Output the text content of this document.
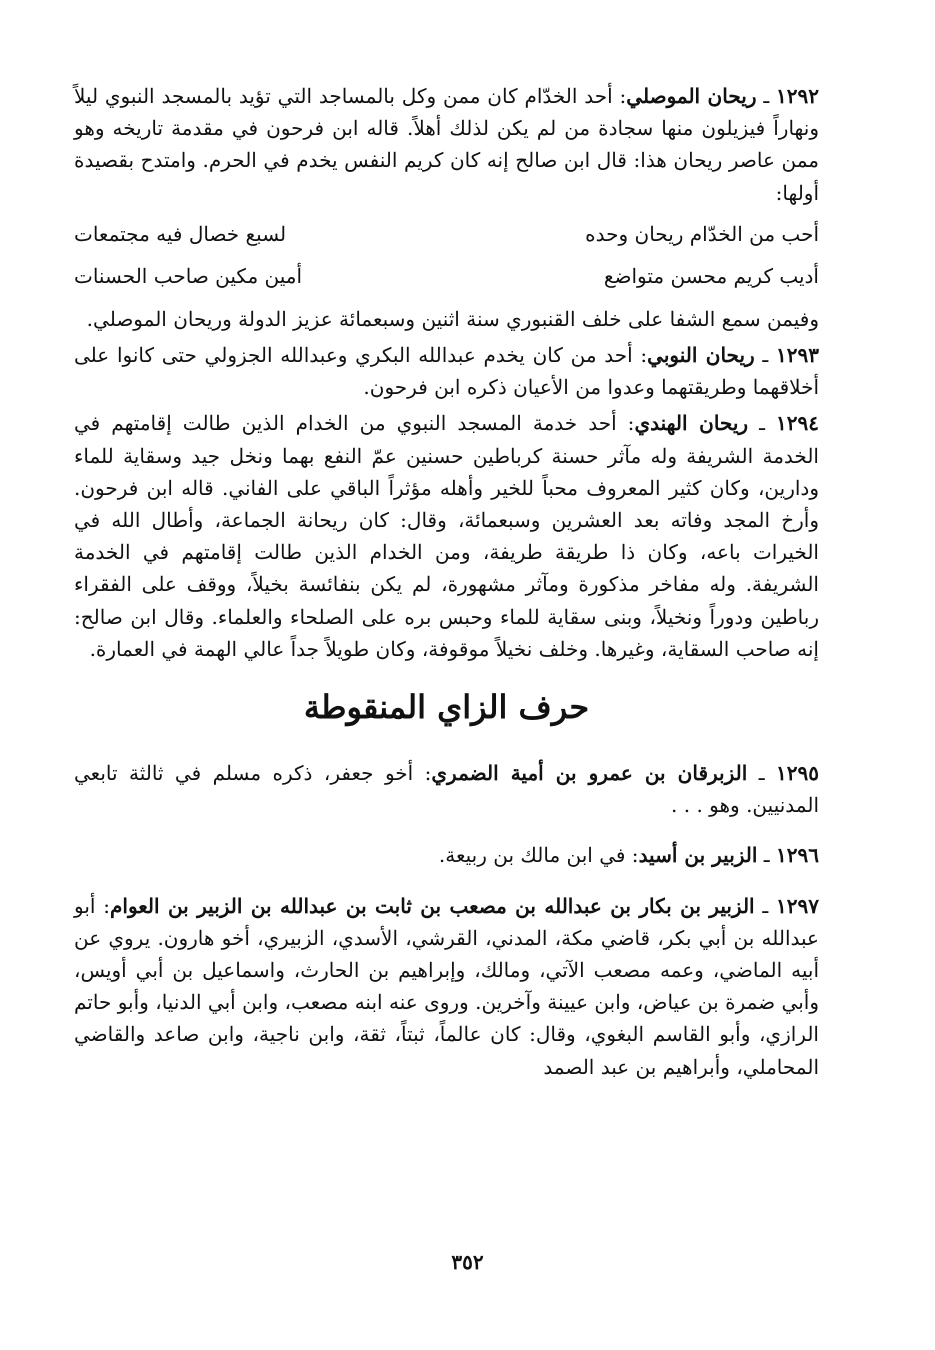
١٢٩٢ ـ ريحان الموصلي: أحد الخدّام كان ممن وكل بالمساجد التي تؤيد بالمسجد النبوي ليلاً ونهاراً فيزيلون منها سجادة من لم يكن لذلك أهلاً. قاله ابن فرحون في مقدمة تاريخه وهو ممن عاصر ريحان هذا: قال ابن صالح إنه كان كريم النفس يخدم في الحرم. وامتدح بقصيدة أولها:

أحب من الخدّام ريحان وحده
لسبع خصال فيه مجتمعات
أديب كريم محسن متواضع
أمين مكين صاحب الحسنات

وفيمن سمع الشفا على خلف القنبوري سنة اثنين وسبعمائة عزيز الدولة وريحان الموصلي.

١٢٩٣ ـ ريحان النوبي: أحد من كان يخدم عبدالله البكري وعبدالله الجزولي حتى كانوا على أخلاقهما وطريقتهما وعدوا من الأعيان ذكره ابن فرحون.

١٢٩٤ ـ ريحان الهندي: أحد خدمة المسجد النبوي من الخدام الذين طالت إقامتهم في الخدمة الشريفة وله مآثر حسنة كرباطين حسنين عمّ النفع بهما ونخل جيد وسقاية للماء ودارين، وكان كثير المعروف محباً للخير وأهله مؤثراً الباقي على الفاني. قاله ابن فرحون. وأرخ المجد وفاته بعد العشرين وسبعمائة، وقال: كان ريحانة الجماعة، وأطال الله في الخيرات باعه، وكان ذا طريقة طريفة، ومن الخدام الذين طالت إقامتهم في الخدمة الشريفة. وله مفاخر مذكورة ومآثر مشهورة، لم يكن بنفائسة بخيلاً، ووقف على الفقراء رباطين ودوراً ونخيلاً، وبنى سقاية للماء وحبس بره على الصلحاء والعلماء. وقال ابن صالح: إنه صاحب السقاية، وغيرها. وخلف نخيلاً موقوفة، وكان طويلاً جداً عالي الهمة في العمارة.

حرف الزاي المنقوطة

١٢٩٥ ـ الزبرقان بن عمرو بن أمية الضمري: أخو جعفر، ذكره مسلم في ثالثة تابعي المدنيين. وهو . . .

١٢٩٦ ـ الزبير بن أسيد: في ابن مالك بن ربيعة.

١٢٩٧ ـ الزبير بن بكار بن عبدالله بن مصعب بن ثابت بن عبدالله بن الزبير بن العوام: أبو عبدالله بن أبي بكر، قاضي مكة، المدني، القرشي، الأسدي، الزبيري، أخو هارون. يروي عن أبيه الماضي، وعمه مصعب الآتي، ومالك، وإبراهيم بن الحارث، واسماعيل بن أبي أويس، وأبي ضمرة بن عياض، وابن عيينة وآخرين. وروى عنه ابنه مصعب، وابن أبي الدنيا، وأبو حاتم الرازي، وأبو القاسم البغوي، وقال: كان عالماً، ثبتاً، ثقة، وابن ناجية، وابن صاعد والقاضي المحاملي، وأبراهيم بن عبد الصمد

٣٥٢
